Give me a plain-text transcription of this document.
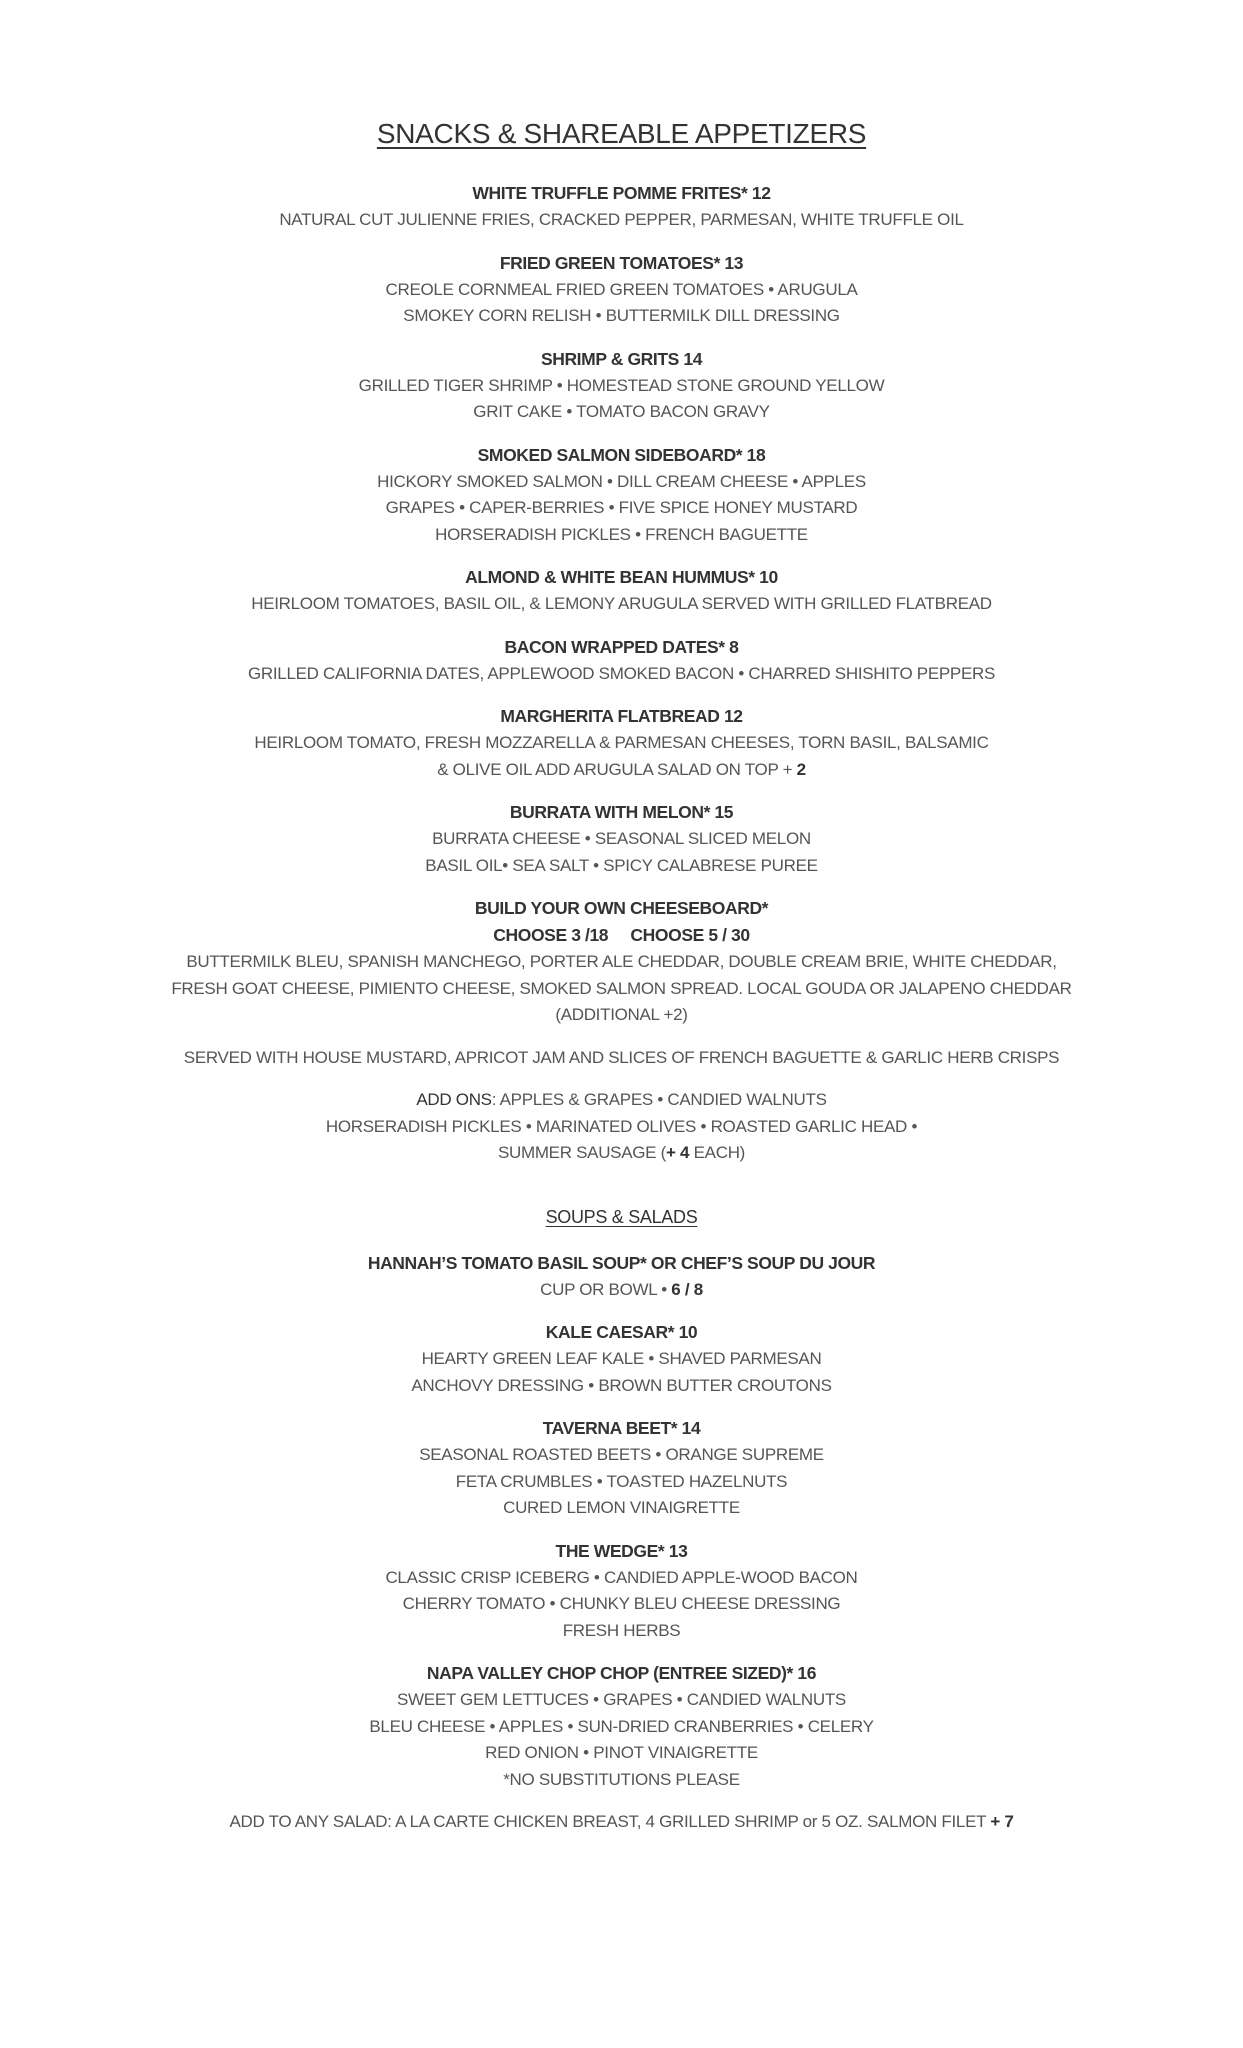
SNACKS & SHAREABLE APPETIZERS
WHITE TRUFFLE POMME FRITES* 12
NATURAL CUT JULIENNE FRIES, CRACKED PEPPER, PARMESAN, WHITE TRUFFLE OIL
FRIED GREEN TOMATOES* 13
CREOLE CORNMEAL FRIED GREEN TOMATOES • ARUGULA
SMOKEY CORN RELISH • BUTTERMILK DILL DRESSING
SHRIMP & GRITS 14
GRILLED TIGER SHRIMP • HOMESTEAD STONE GROUND YELLOW
GRIT CAKE • TOMATO BACON GRAVY
SMOKED SALMON SIDEBOARD* 18
HICKORY SMOKED SALMON • DILL CREAM CHEESE • APPLES
GRAPES • CAPER-BERRIES • FIVE SPICE HONEY MUSTARD
HORSERADISH PICKLES • FRENCH BAGUETTE
ALMOND & WHITE BEAN HUMMUS* 10
HEIRLOOM TOMATOES, BASIL OIL, & LEMONY ARUGULA SERVED WITH GRILLED FLATBREAD
BACON WRAPPED DATES* 8
GRILLED CALIFORNIA DATES, APPLEWOOD SMOKED BACON • CHARRED SHISHITO PEPPERS
MARGHERITA FLATBREAD 12
HEIRLOOM TOMATO, FRESH MOZZARELLA & PARMESAN CHEESES, TORN BASIL, BALSAMIC
& OLIVE OIL ADD ARUGULA SALAD ON TOP + 2
BURRATA WITH MELON* 15
BURRATA CHEESE • SEASONAL SLICED MELON
BASIL OIL• SEA SALT • SPICY CALABRESE PUREE
BUILD YOUR OWN CHEESEBOARD*
CHOOSE 3 /18     CHOOSE 5 / 30
BUTTERMILK BLEU, SPANISH MANCHEGO, PORTER ALE CHEDDAR, DOUBLE CREAM BRIE, WHITE CHEDDAR,
FRESH GOAT CHEESE, PIMIENTO CHEESE, SMOKED SALMON SPREAD. LOCAL GOUDA OR JALAPENO CHEDDAR
(ADDITIONAL +2)
SERVED WITH HOUSE MUSTARD, APRICOT JAM AND SLICES OF FRENCH BAGUETTE & GARLIC HERB CRISPS
ADD ONS: APPLES & GRAPES • CANDIED WALNUTS
HORSERADISH PICKLES • MARINATED OLIVES • ROASTED GARLIC HEAD •
SUMMER SAUSAGE (+ 4 EACH)
SOUPS & SALADS
HANNAH’S TOMATO BASIL SOUP* OR CHEF’S SOUP DU JOUR
CUP OR BOWL • 6 / 8
KALE CAESAR* 10
HEARTY GREEN LEAF KALE • SHAVED PARMESAN
ANCHOVY DRESSING • BROWN BUTTER CROUTONS
TAVERNA BEET* 14
SEASONAL ROASTED BEETS • ORANGE SUPREME
FETA CRUMBLES • TOASTED HAZELNUTS
CURED LEMON VINAIGRETTE
THE WEDGE* 13
CLASSIC CRISP ICEBERG • CANDIED APPLE-WOOD BACON
CHERRY TOMATO • CHUNKY BLEU CHEESE DRESSING
FRESH HERBS
NAPA VALLEY CHOP CHOP (ENTREE SIZED)* 16
SWEET GEM LETTUCES • GRAPES • CANDIED WALNUTS
BLEU CHEESE • APPLES • SUN-DRIED CRANBERRIES • CELERY
RED ONION • PINOT VINAIGRETTE
*NO SUBSTITUTIONS PLEASE
ADD TO ANY SALAD: A LA CARTE CHICKEN BREAST, 4 GRILLED SHRIMP or 5 OZ. SALMON FILET + 7
